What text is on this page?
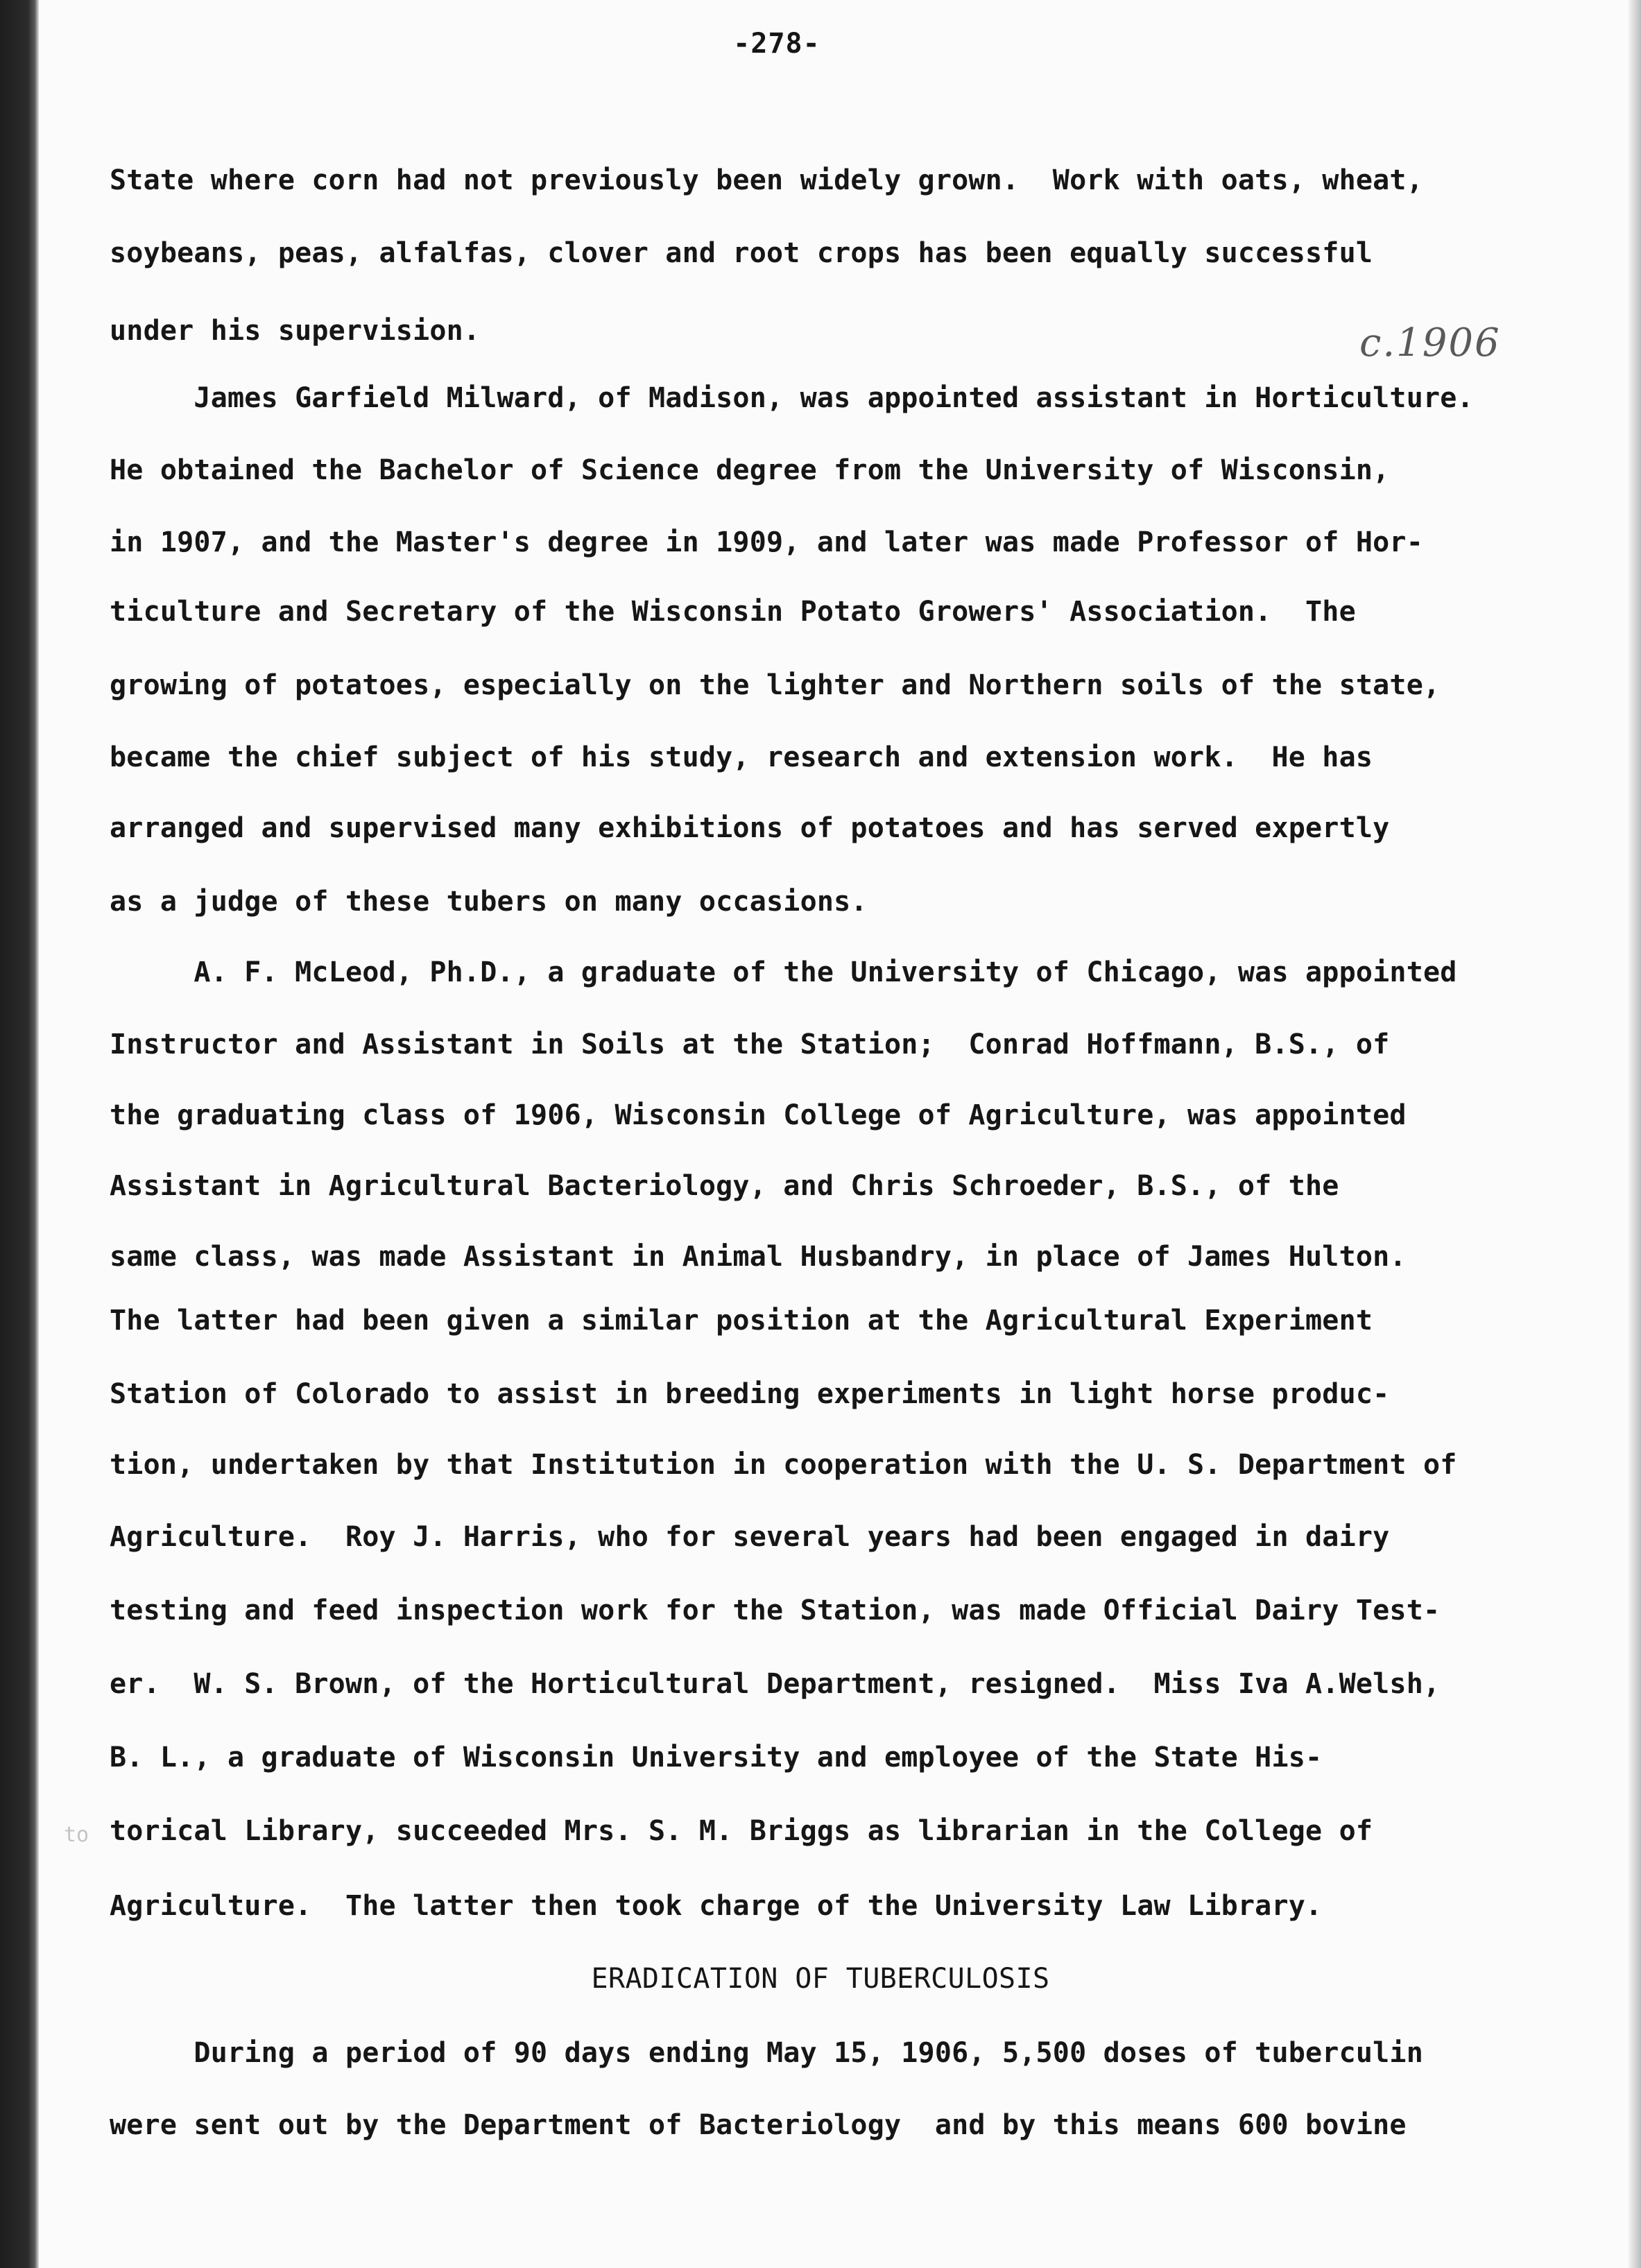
-278-
c.1906
to
State where corn had not previously been widely grown.  Work with oats, wheat,
soybeans, peas, alfalfas, clover and root crops has been equally successful
under his supervision.
James Garfield Milward, of Madison, was appointed assistant in Horticulture.
He obtained the Bachelor of Science degree from the University of Wisconsin,
in 1907, and the Master's degree in 1909, and later was made Professor of Hor-
ticulture and Secretary of the Wisconsin Potato Growers' Association.  The
growing of potatoes, especially on the lighter and Northern soils of the state,
became the chief subject of his study, research and extension work.  He has
arranged and supervised many exhibitions of potatoes and has served expertly
as a judge of these tubers on many occasions.
A. F. McLeod, Ph.D., a graduate of the University of Chicago, was appointed
Instructor and Assistant in Soils at the Station;  Conrad Hoffmann, B.S., of
the graduating class of 1906, Wisconsin College of Agriculture, was appointed
Assistant in Agricultural Bacteriology, and Chris Schroeder, B.S., of the
same class, was made Assistant in Animal Husbandry, in place of James Hulton.
The latter had been given a similar position at the Agricultural Experiment
Station of Colorado to assist in breeding experiments in light horse produc-
tion, undertaken by that Institution in cooperation with the U. S. Department of
Agriculture.  Roy J. Harris, who for several years had been engaged in dairy
testing and feed inspection work for the Station, was made Official Dairy Test-
er.  W. S. Brown, of the Horticultural Department, resigned.  Miss Iva A.Welsh,
B. L., a graduate of Wisconsin University and employee of the State His-
torical Library, succeeded Mrs. S. M. Briggs as librarian in the College of
Agriculture.  The latter then took charge of the University Law Library.
ERADICATION OF TUBERCULOSIS
During a period of 90 days ending May 15, 1906, 5,500 doses of tuberculin
were sent out by the Department of Bacteriology  and by this means 600 bovine
